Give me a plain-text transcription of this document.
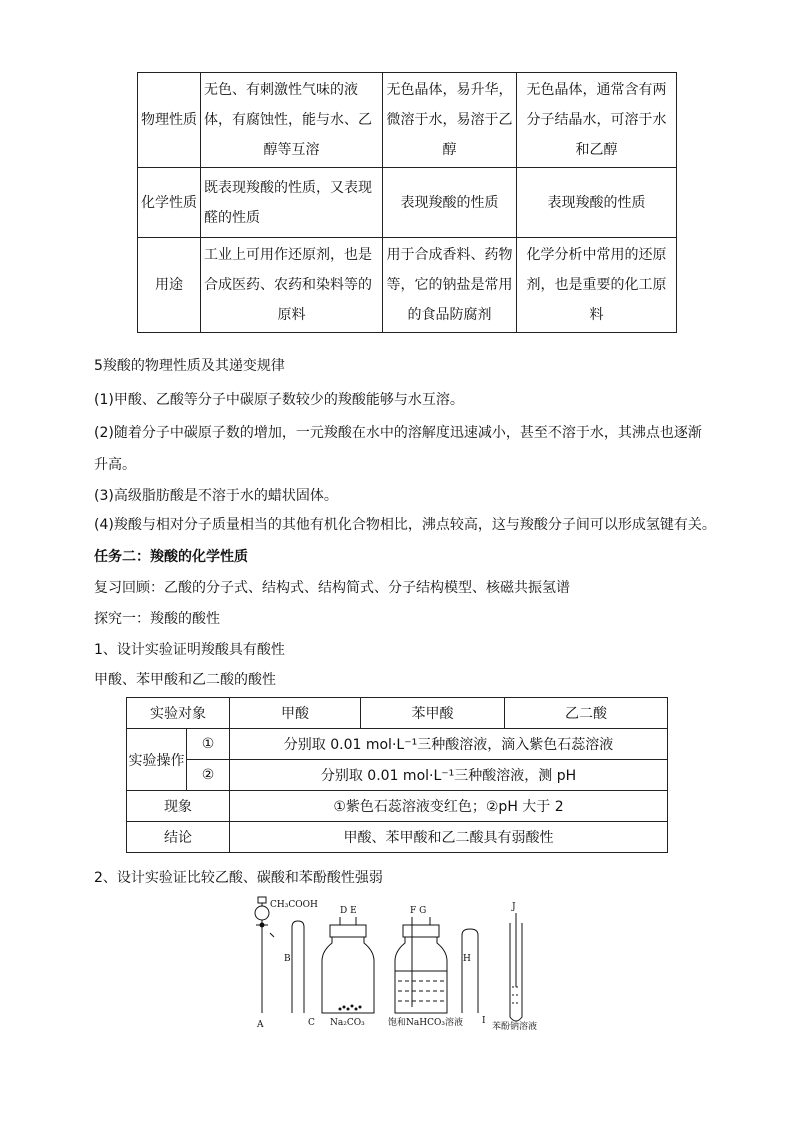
物理性质	无色、有刺激性气味的液
体，有腐蚀性，能与水、乙
醇等互溶	无色晶体，易升华，
微溶于水，易溶于乙
醇	无色晶体，通常含有两
分子结晶水，可溶于水
和乙醇

化学性质	既表现羧酸的性质，又表现
醛的性质	表现羧酸的性质	表现羧酸的性质

用途	工业上可用作还原剂，也是
合成医药、农药和染料等的
原料	用于合成香料、药物
等，它的钠盐是常用
的食品防腐剂	化学分析中常用的还原
剂，也是重要的化工原
料
5羧酸的物理性质及其递变规律
(1)甲酸、乙酸等分子中碳原子数较少的羧酸能够与水互溶。
(2)随着分子中碳原子数的增加，一元羧酸在水中的溶解度迅速减小，甚至不溶于水，其沸点也逐渐
升高。
(3)高级脂肪酸是不溶于水的蜡状固体。
(4)羧酸与相对分子质量相当的其他有机化合物相比，沸点较高，这与羧酸分子间可以形成氢键有关。
任务二：羧酸的化学性质
复习回顾：乙酸的分子式、结构式、结构简式、分子结构模型、核磁共振氢谱
探究一：羧酸的酸性
1、设计实验证明羧酸具有酸性
甲酸、苯甲酸和乙二酸的酸性
实验对象		甲酸	苯甲酸	乙二酸
实验操作	①	分别取 0.01 mol·L⁻¹三种酸溶液，滴入紫色石蕊溶液		
	②	分别取 0.01 mol·L⁻¹三种酸溶液，测 pH		
现象		①紫色石蕊溶液变红色；②pH 大于 2		
结论		甲酸、苯甲酸和乙二酸具有弱酸性		
2、设计实验证比较乙酸、碳酸和苯酚酸性强弱
CH₃COOH
A
B
C
D E	F G
H
I
J
Na₂CO₃	饱和NaHCO₃溶液	苯酚钠溶液
